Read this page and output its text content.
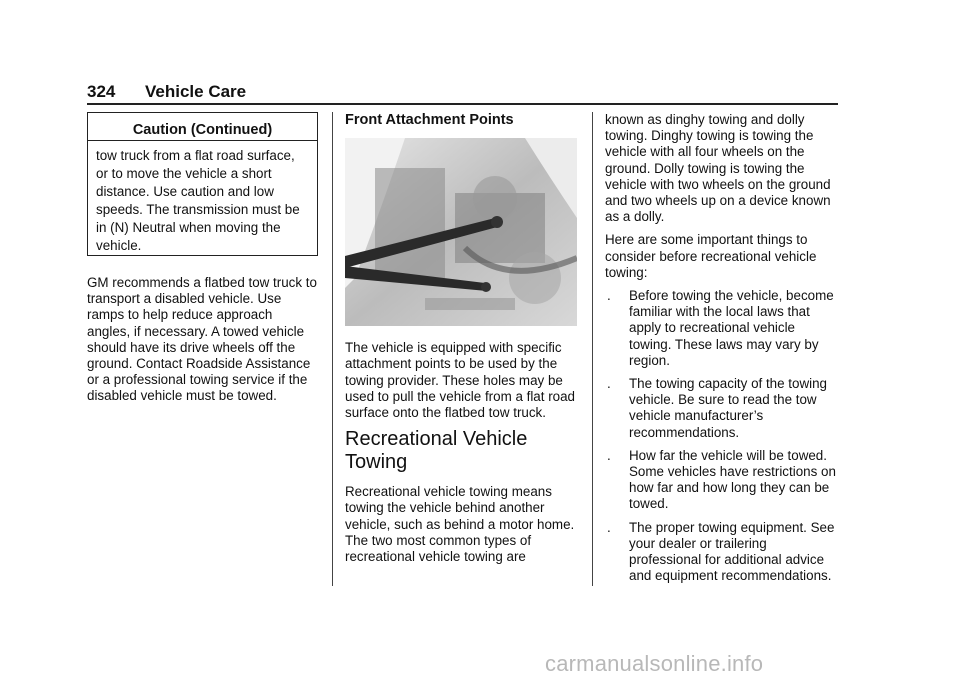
324 Vehicle Care
Caution (Continued)
tow truck from a flat road surface, or to move the vehicle a short distance. Use caution and low speeds. The transmission must be in (N) Neutral when moving the vehicle.

GM recommends a flatbed tow truck to transport a disabled vehicle. Use ramps to help reduce approach angles, if necessary. A towed vehicle should have its drive wheels off the ground. Contact Roadside Assistance or a professional towing service if the disabled vehicle must be towed.

Front Attachment Points

The vehicle is equipped with specific attachment points to be used by the towing provider. These holes may be used to pull the vehicle from a flat road surface onto the flatbed tow truck.

Recreational Vehicle Towing

Recreational vehicle towing means towing the vehicle behind another vehicle, such as behind a motor home. The two most common types of recreational vehicle towing are

known as dinghy towing and dolly towing. Dinghy towing is towing the vehicle with all four wheels on the ground. Dolly towing is towing the vehicle with two wheels on the ground and two wheels up on a device known as a dolly.

Here are some important things to consider before recreational vehicle towing:

. Before towing the vehicle, become familiar with the local laws that apply to recreational vehicle towing. These laws may vary by region.
. The towing capacity of the towing vehicle. Be sure to read the tow vehicle manufacturer’s recommendations.
. How far the vehicle will be towed. Some vehicles have restrictions on how far and how long they can be towed.
. The proper towing equipment. See your dealer or trailering professional for additional advice and equipment recommendations.
carmanualsonline.info
